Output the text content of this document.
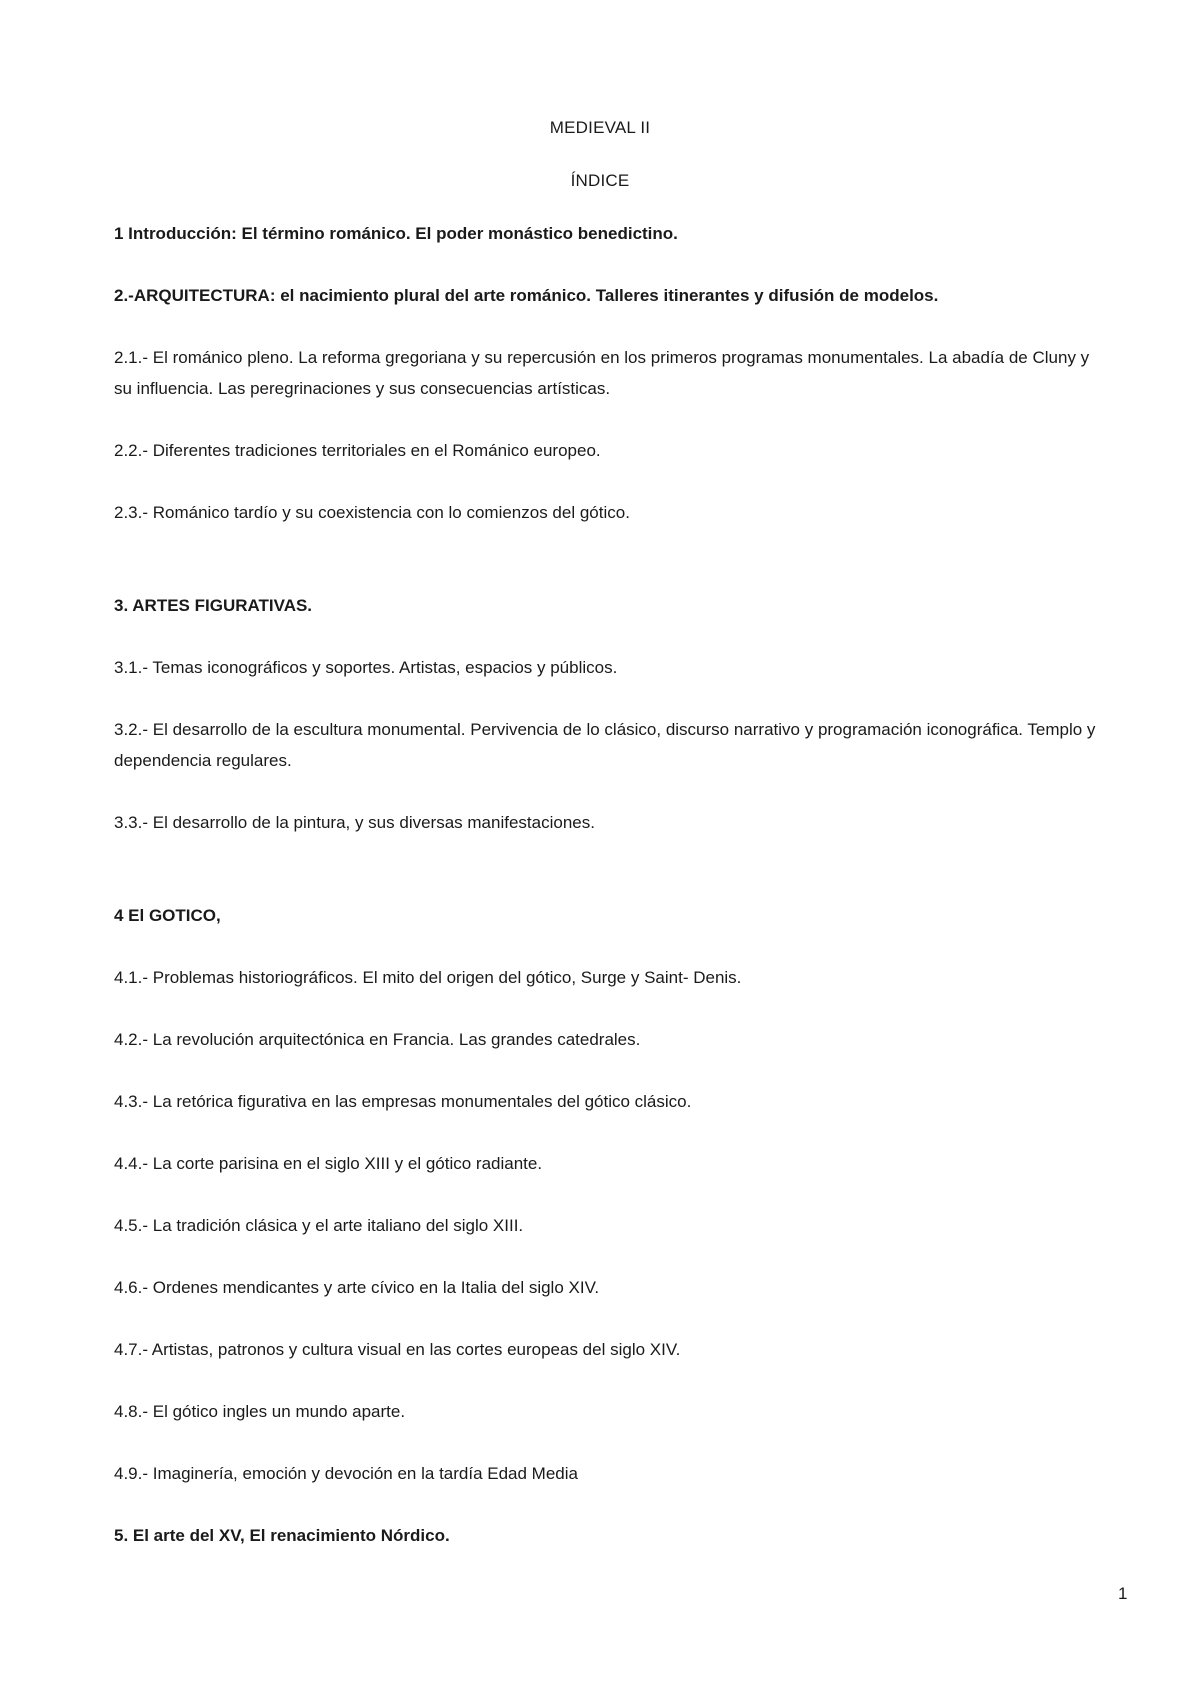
MEDIEVAL II
ÍNDICE

1 Introducción: El término románico. El poder monástico benedictino.

2.-ARQUITECTURA: el nacimiento plural del arte románico. Talleres itinerantes y difusión de modelos.

2.1.- El románico pleno. La reforma gregoriana y su repercusión en los primeros programas monumentales. La abadía de Cluny y su influencia. Las peregrinaciones y sus consecuencias artísticas.

2.2.- Diferentes tradiciones territoriales en el Románico europeo.

2.3.- Románico tardío y su coexistencia con lo comienzos del gótico.

3. ARTES FIGURATIVAS.

3.1.- Temas iconográficos y soportes. Artistas, espacios y públicos.

3.2.- El desarrollo de la escultura monumental. Pervivencia de lo clásico, discurso narrativo y programación iconográfica. Templo y dependencia regulares.

3.3.- El desarrollo de la pintura, y sus diversas manifestaciones.

4 El GOTICO,

4.1.- Problemas historiográficos. El mito del origen del gótico, Surge y Saint- Denis.

4.2.- La revolución arquitectónica en Francia. Las grandes catedrales.

4.3.- La retórica figurativa en las empresas monumentales del gótico clásico.

4.4.- La corte parisina en el siglo XIII y el gótico radiante.

4.5.- La tradición clásica y el arte italiano del siglo XIII.

4.6.- Ordenes mendicantes y arte cívico en la Italia del siglo XIV.

4.7.- Artistas, patronos y cultura visual en las cortes europeas del siglo XIV.

4.8.- El gótico ingles un mundo aparte.

4.9.- Imaginería, emoción y devoción en la tardía Edad Media

5. El arte del XV, El renacimiento Nórdico.

1
